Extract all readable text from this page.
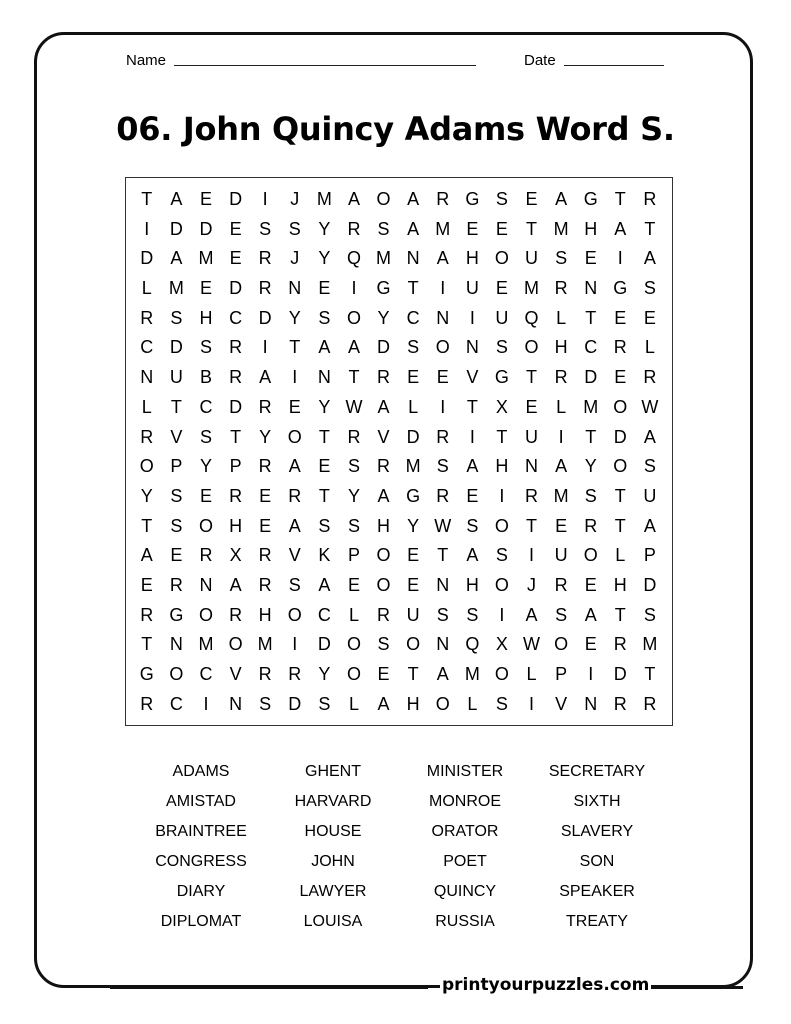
Name	Date
06. John Quincy Adams Word S.
T	A E D	I	J M A O A R G S E A G T R
I	D D E S S Y R S A M E E	T M H A	T
D A M E R	J	Y Q M N A H O U S E	I	A
L M E D R N E	I	G T	I	U E M R N G S
R S H C D Y S O Y C N	I	U Q L	T	E E
C D S R	I	T	A A D S O N S O H C R	L
N U B R A	I	N T R E E V G T R D E R
L	T C D R E Y W A	L	I	T	X E	L M O W
R V S	T	Y O T R V D R	I	T U	I	T D A
O P Y P R A E S R M S A H N A Y O S
Y S E R E R T	Y A G R E	I	R M S	T U
T	S O H E A S S H Y W S O T	E R T	A
A E R X R V K P O E	T	A S	I	U O L	P
E R N A R S A E O E N H O	J	R E H D
R G O R H O C	L	R U S S	I	A S A	T	S
T N M O M	I	D O S O N Q X W O E R M
G O C V R R Y O E	T	A M O L	P	I	D T
R C	I	N S D S	L	A H O L	S	I	V N R R
ADAMS	GHENT	MINISTER	SECRETARY
AMISTAD	HARVARD	MONROE	SIXTH
BRAINTREE	HOUSE	ORATOR	SLAVERY
CONGRESS	JOHN	POET	SON
DIARY	LAWYER	QUINCY	SPEAKER
DIPLOMAT	LOUISA	RUSSIA	TREATY
printyourpuzzles.com
